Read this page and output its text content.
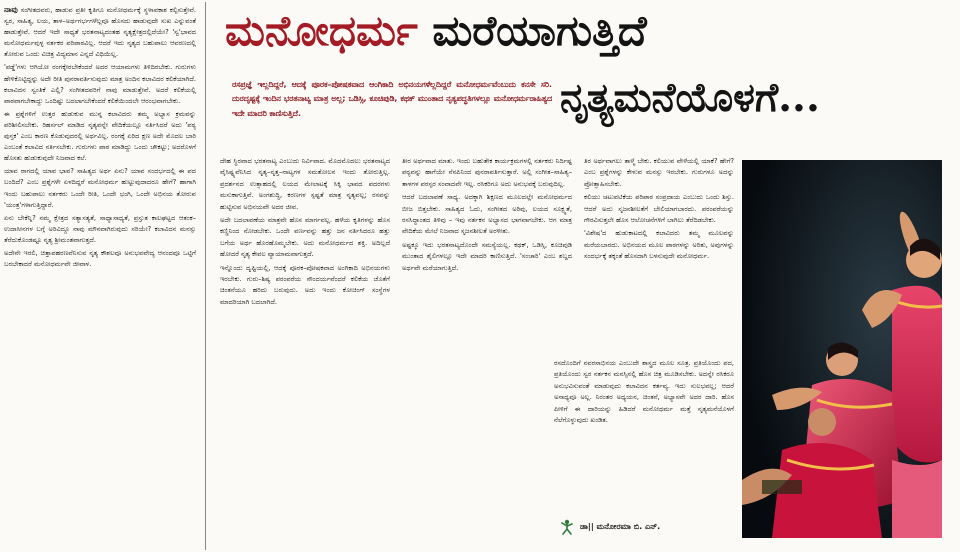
ನಾವು ಸಂಗೀತದವರು, ಹಾಡುವ ಪ್ರತೀ ಕೃತಿಗೂ ಮನೋಧರ್ಮಕ್ಕೆ ಸ್ಥಳಾವಕಾಶ ಕಲ್ಪಿಸುತ್ತೇವೆ. ಸ್ವರ, ಸಾಹಿತ್ಯ, ಲಯ, ತಾಳ–ಅರ್ಥಗರ್ಭಗಳೆಲ್ಲವೂ ಹೊಸದು ಹಾಡುವುದೇ ಸುಖ ಎನ್ನುವಂತೆ ಹಾಡುತ್ತೇವೆ. ಆದರೆ ಇದೇ ಸಾಧ್ಯತೆ ಭರತನಾಟ್ಯದಂತಹ ನೃತ್ಯಕ್ಷೇತ್ರದಲ್ಲಿದೆಯೇ? 'ಸ್ವ'ಭಾವದ ಮನೋಧರ್ಮವುಳ್ಳ ನರ್ತಕರ ಪರಿಪಾಠವಿಲ್ಲ. ಆದರೆ ಇದು ನೃತ್ಯದ ಬಹುಪಾಲು ಆವರಣದಲ್ಲಿ ತೋರುವ ಒಂದು ವಿಚಿತ್ರ ವಿದ್ಯಮಾನ ಎನ್ನದೆ ವಿಧಿಯಿಲ್ಲ.

'ಪಡ್ಡೆ'ಗಳು ಆಗಿಯೋ ರಂಗಕ್ಕೇರಬೇಕೆಂದರೆ ಅದರ ಆಯಾಮಗಳು ತಿಳಿದಿರಬೇಕು. ಗುರುಗಳು ಹೇಳಿಕೊಟ್ಟಿದ್ದನ್ನು ಅದೇ ರೀತಿ ಪುನರಾವರ್ತಿಸುವುದು ಮಾತ್ರ ಅಂದಿನ ಕಲಾವಿದರ ಕಲಿಕೆಯಾಗಿದೆ. ಕಲಾವಿದನ ಸ್ವಂತಿಕೆ ಎಲ್ಲಿ? ಸಂಗೀತದವರಿಗೆ ನಾವು ಮಾಡುತ್ತೇವೆ. ಅದರೆ ಕಲಿಕೆಯಲ್ಲಿ ಪಾಠವಾಗಬೇಕಾದ್ದು ಒಂದಿಷ್ಟು ಬದಲಾಗಬೇಕೆಂದರೆ ಕಲಿಕೆಯಿಂದಲೇ ಆರಂಭವಾಗಬೇಕು.

ಈ ಪ್ರಶ್ನೆಗಳಿಗೆ ಉತ್ತರ ಹುಡುಕುವ ಮುನ್ನ ಕಲಾವಿದರು ತಮ್ಮ ಅಭ್ಯಾಸ ಕ್ರಮವನ್ನು ಪರಿಶೀಲಿಸಬೇಕು. ರಿಹರ್ಸಲ್ ಮಾಡಿದ ನೃತ್ಯವನ್ನೇ ವೇದಿಕೆಯಲ್ಲೂ ನರ್ತಿಸಿದರೆ ಅದು 'ಪಠ್ಯ ಪುಸ್ತಕ' ಎಂಬ ಕಾರಣ ಕೊಡುವುದರಲ್ಲಿ ಅರ್ಥವಿಲ್ಲ. ರಂಗಕ್ಕೆ ಏರಿದ ಕ್ಷಣ ಅದೇ ಮೊದಲ ಬಾರಿ ಎಂಬಂತೆ ಕಲಾವಿದ ನರ್ತಿಸಬೇಕು. ಗುರುಗಳು ಪಾಠ ಮಾಡಿದ್ದು ಒಂದು ಚೌಕಟ್ಟು; ಅದರೊಳಗೆ ಹೊಸತು ಹುಡುಕುವುದೇ ನಿಜವಾದ ಕಲೆ.

ಯಾವ ರಾಗದಲ್ಲಿ ಯಾವ ಭಾವ? ಸಾಹಿತ್ಯದ ಅರ್ಥ ಏನು? ಯಾವ ಸಂದರ್ಭದಲ್ಲಿ ಈ ಪದ ಬಂದಿದೆ? ಎಂಬ ಪ್ರಶ್ನೆಗಳೇ ಏಳದಿದ್ದರೆ ಮನೋಧರ್ಮ ಹುಟ್ಟುವುದಾದರೂ ಹೇಗೆ? ಹಾಗಾಗಿ ಇಂದು ಬಹುಪಾಲು ನರ್ತಕರು ಒಂದೇ ರೀತಿ, ಒಂದೇ ಭಂಗಿ, ಒಂದೇ ಅಭಿನಯ ತೋರುವ 'ಯಂತ್ರ'ಗಳಾಗುತ್ತಿದ್ದಾರೆ.

ಏನು ಬೇಕೆನ್ನಿ? ನಮ್ಮ ಕ್ಷೇತ್ರದ ಸತ್ಯಾಸತ್ಯತೆ, ಸಾಧ್ಯಾಸಾಧ್ಯತೆ, ಪ್ರಸ್ತುತ ಕಾಲಘಟ್ಟದ ಆತಂಕ–ಉದಾಸೀನಗಳ ಬಗ್ಗೆ ಅರಿವಿದ್ದೂ ನಾವು ಮೌನವಾಗಿರುವುದು ಸರಿಯೇ? ಕಲಾವಿದನ ಮನಸ್ಸು ತೆರೆದುಕೊಂಡಷ್ಟೂ ನೃತ್ಯ ಶ್ರೀಮಂತವಾಗುತ್ತದೆ.

ಅದೇನೇ ಇರಲಿ, ಚಿತ್ತಾಪಹರಣವೆನಿಸುವ ನೃತ್ಯ ಕೌಶಲವೂ ಅನುಭವವೇದ್ಯ ಆನಂದವೂ ಒಟ್ಟಿಗೆ ಬರಬೇಕಾದರೆ ಮನೋಧರ್ಮವೇ ಜೀವಾಳ.

ಮನೋಧರ್ಮ ಮರೆಯಾಗುತ್ತಿದೆ
ನೃತ್ಯಮನೆಯೊಳಗೆ...
ರಸಪ್ರಜ್ಞೆ ಇಲ್ಲದಿದ್ದರೆ, ಆದಕ್ಕೆ ಪೂರಕ–ಪೋಷಕವಾದ ಆಂಗಿಕಾದಿ ಅಭಿನಯಗಳೆಲ್ಲದಿದ್ದರೆ ಮನೋಧರ್ಮವೆಂಬುದು ಕನಸೇ ಸರಿ. ದುರದೃಷ್ಟಕ್ಕೆ ಇಂದಿನ ಭರತನಾಟ್ಯ ಮಾತ್ರ ಅಲ್ಲ; ಒಡಿಸ್ಸಿ, ಕೂಚಿಪುಡಿ, ಕಥಕ್ ಮುಂತಾದ ನೃತ್ಯಪದ್ಧತಿಗಳಲ್ಲೂ ಮನೋಧರ್ಮರಾಹಿತ್ಯದ ಇದೇ ಮಾದರಿ ಕಾಣಿಸುತ್ತಿದೆ.

ದೇಹ ಸ್ಥಿರವಾದ ಭರತನಾಟ್ಯ ಎಂಬುದು ನಿರ್ವಿವಾದ. ಮೊದಮೊದಲು ಭರತನಾಟ್ಯದ ವೈಸಿಷ್ಟ್ಯವೆನಿಸಿದ ನೃತ್ಯ–ನೃತ್ತ–ನಾಟ್ಯಗಳ ಸಮತೋಲನ ಇಂದು ತೋರುತ್ತಿಲ್ಲ. ಪ್ರದರ್ಶನದ ಉತ್ಸಾಹದಲ್ಲಿ ಲಯದ ಮೇಲಾಟಕ್ಕೆ ಸಿಕ್ಕಿ ಭಾವದ ಪದರಗಳು ಮಸುಕಾಗುತ್ತಿವೆ. ಅಂಗಶುದ್ಧಿ, ಕರಣಗಳ ಸ್ಪಷ್ಟತೆ ಮಾತ್ರ ನೃತ್ಯವಲ್ಲ; ರಸವನ್ನು ಹುಟ್ಟಿಸುವ ಅಭಿನಯವೇ ಅದರ ಜೀವ.

ಅದೇ ಬದಲಾವಣೆಯ ಮಾತ್ರವೇ ಹೊಸ ಮಾರ್ಗವಲ್ಲ. ಹಳೆಯ ಕೃತಿಗಳನ್ನು ಹೊಸ ಕಣ್ಣಿನಿಂದ ನೋಡಬೇಕು. ಒಂದೇ ವರ್ಣವನ್ನು ಹತ್ತು ಜನ ನರ್ತಿಸಿದರೂ ಹತ್ತು ಬಗೆಯ ಅರ್ಥ ಹೊರಹೊಮ್ಮಬೇಕು. ಅದು ಮನೋಧರ್ಮದ ಶಕ್ತಿ. ಅದಿಲ್ಲದೆ ಹೋದರೆ ನೃತ್ಯ ಕೇವಲ ವ್ಯಾಯಾಮವಾಗುತ್ತದೆ.

ಇನ್ನೊಂದು ದೃಷ್ಟಿಯಲ್ಲಿ, ಆದಕ್ಕೆ ಪೂರಕ–ಪೋಷಕವಾದ ಅಂಗಿಕಾದಿ ಅಭಿನಯಗಳು ಇರಬೇಕು. ಗುರು–ಶಿಷ್ಯ ಪರಂಪರೆಯ ಸೌಂದರ್ಯವೆಂದರೆ ಕಲಿಕೆಯ ಜೊತೆಗೆ ಚಿಂತನೆಯೂ ಹರಿದು ಬರುವುದು. ಅದು ಇಂದು ಕೋಚಿಂಗ್ ಸಂಸ್ಥೆಗಳ ಮಾದರಿಯಾಗಿ ಬದಲಾಗಿದೆ.

ತೀರ ಅರ್ಥವಾದ ಮಾತು. ಇಂದು ಬಹುತೇಕ ಕಾರ್ಯಕ್ರಮಗಳಲ್ಲಿ ನರ್ತಕರು ನಿರ್ದಿಷ್ಟ ಪಠ್ಯವನ್ನು ಹಾಗೆಯೇ ನೆನಪಿನಿಂದ ಪುನರಾವರ್ತಿಸುತ್ತಾರೆ. ಅಲ್ಲಿ ಸಂಗೀತ–ಸಾಹಿತ್ಯ–ತಾಳಗಳ ಪರಸ್ಪರ ಸಂವಾದವೇ ಇಲ್ಲ. ರಸಿಕರಿಗೂ ಅದು ಅನುಭವಕ್ಕೆ ಬರುವುದಿಲ್ಲ.

ಆದರೆ ಬದಲಾವಣೆ ಸಾಧ್ಯ. ಅದಕ್ಕಾಗಿ ಶಿಕ್ಷಣದ ಮೂಲದಲ್ಲೇ ಮನೋಧರ್ಮದ ಬೀಜ ಬಿತ್ತಬೇಕು. ಸಾಹಿತ್ಯದ ಓದು, ಸಂಗೀತದ ಅರಿವು, ಲಯದ ಸೂಕ್ಷ್ಮತೆ, ರಸಸಿದ್ಧಾಂತದ ತಿಳಿವು – ಇವು ನರ್ತಕನ ಅಭ್ಯಾಸದ ಭಾಗವಾಗಬೇಕು. ಆಗ ಮಾತ್ರ ವೇದಿಕೆಯ ಮೇಲೆ ನಿಜವಾದ ಸೃಜನಶೀಲತೆ ಅರಳೀತು.

ಅಷ್ಟಕ್ಕೂ ಇದು ಭರತನಾಟ್ಯದೊಂದೇ ಸಮಸ್ಯೆಯಲ್ಲ. ಕಥಕ್, ಒಡಿಸ್ಸಿ, ಕೂಚಿಪುಡಿ ಮುಂತಾದ ಶೈಲಿಗಳಲ್ಲೂ ಇದೇ ಮಾದರಿ ಕಾಣಿಸುತ್ತಿದೆ. 'ಸಂಚಾರಿ' ಎಂಬ ಶಬ್ದದ ಅರ್ಥವೇ ಮರೆಯಾಗುತ್ತಿದೆ.

ತಿರ ಅರ್ಥವಾಗಲು ತಾಳ್ಮೆ ಬೇಕು. ಕಲಿಯುವ ವೇಳೆಯಲ್ಲಿ ಯಾಕೆ? ಹೇಗೆ? ಎಂಬ ಪ್ರಶ್ನೆಗಳನ್ನು ಕೇಳುವ ಮನಸ್ಸು ಇರಬೇಕು. ಗುರುಗಳೂ ಅದನ್ನು ಪ್ರೋತ್ಸಾಹಿಸಬೇಕು.

ಕಲಿಯು ಚಟುವಟಿಕೆಯ ಪರಿಪಾಠ ಸಂಪ್ರದಾಯ ಎಂಬುದು ಒಂದು ಶಿಸ್ತು. ಆದರೆ ಅದು ಸೃಜನಶೀಲತೆಗೆ ಬೇಲಿಯಾಗಬಾರದು. ಪರಂಪರೆಯನ್ನು ಗೌರವಿಸುತ್ತಲೇ ಹೊಸ ಆಲೋಚನೆಗಳಿಗೆ ಬಾಗಿಲು ತೆರೆದಿಡಬೇಕು.

'ವಿಶೇಷ'ದ ಹುಡುಕಾಟದಲ್ಲಿ ಕಲಾವಿದರು ತಮ್ಮ ಮೂಲವನ್ನು ಮರೆಯಬಾರದು. ಅಭಿನಯದ ಮೂಲ ಪಾಠಗಳನ್ನು ಅರಿತು, ಅವುಗಳನ್ನು ಸಂದರ್ಭಕ್ಕೆ ತಕ್ಕಂತೆ ಹೊಸದಾಗಿ ಬಳಸುವುದೇ ಮನೋಧರ್ಮ.

ರಸದೊಂದಿಗೆ ನವರಸಾಭಿನಯ ಎಂಬುದೇ ಶಾಸ್ತ್ರದ ಮೂಲ ಸೂತ್ರ. ಪ್ರತಿಯೊಂದು ಪದ, ಪ್ರತಿಯೊಂದು ಸ್ವರ ನರ್ತಕನ ಮನಸ್ಸಿನಲ್ಲಿ ಹೊಸ ಚಿತ್ರ ಮೂಡಿಸಬೇಕು. ಅದನ್ನೇ ರಸಿಕರೂ ಅನುಭವಿಸುವಂತೆ ಮಾಡುವುದು ಕಲಾವಿದನ ಕರ್ತವ್ಯ. ಇದು ಸುಲಭವಲ್ಲ; ಆದರೆ ಅಸಾಧ್ಯವೂ ಅಲ್ಲ. ನಿರಂತರ ಅಧ್ಯಯನ, ಚಿಂತನೆ, ಅಭ್ಯಾಸವೇ ಅದರ ದಾರಿ. ಹೊಸ ಪೀಳಿಗೆ ಈ ದಾರಿಯನ್ನು ಹಿಡಿದರೆ ಮನೋಧರ್ಮ ಮತ್ತೆ ನೃತ್ಯಮನೆಯೊಳಗೆ ನೆಲೆಗೊಳ್ಳುವುದು ಖಂಡಿತ.

ಡಾ|| ಮನೋರಮಾ ಬಿ. ಎನ್.
